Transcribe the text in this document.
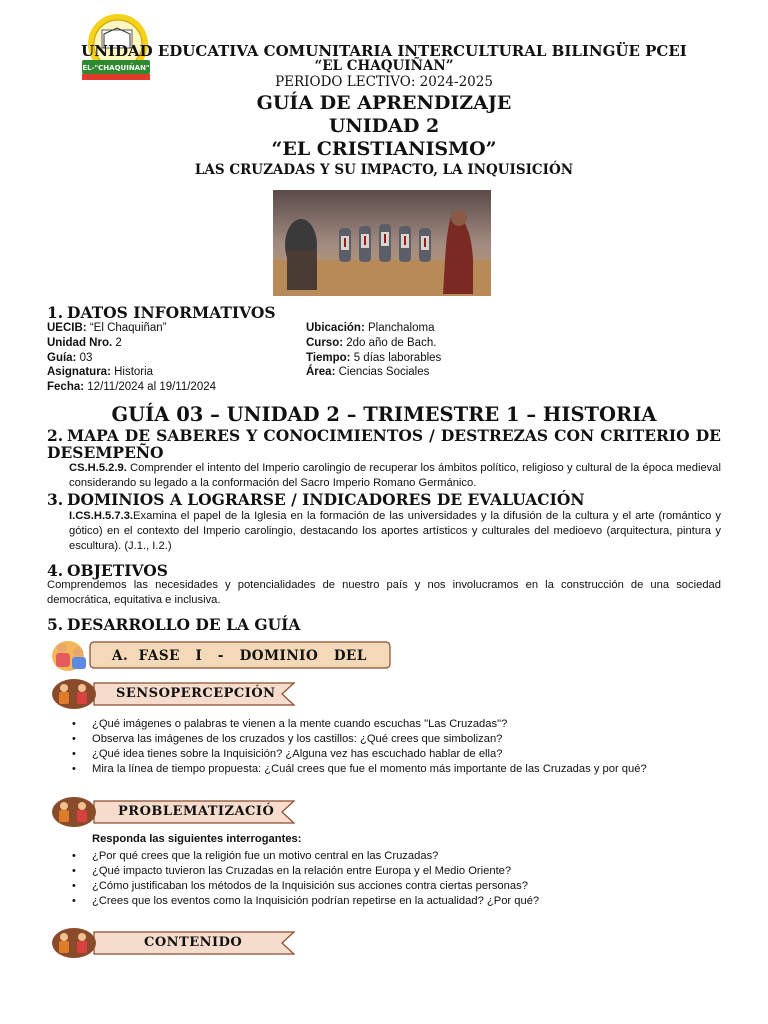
EL-"CHAQUIÑAN"
UNIDAD EDUCATIVA COMUNITARIA INTERCULTURAL BILINGÜE PCEI
“EL CHAQUIÑAN”
PERIODO LECTIVO: 2024-2025
GUÍA DE APRENDIZAJE
UNIDAD 2
“EL CRISTIANISMO”
LAS CRUZADAS Y SU IMPACTO, LA INQUISICIÓN
1. DATOS INFORMATIVOS
UECIB: “El Chaquiñan”
Unidad Nro. 2
Guía: 03
Asignatura: Historia
Fecha: 12/11/2024 al 19/11/2024
Ubicación: Planchaloma
Curso: 2do año de Bach.
Tiempo: 5 días laborables
Área: Ciencias Sociales
GUÍA 03 – UNIDAD 2 – TRIMESTRE 1 – HISTORIA
2. MAPA DE SABERES Y CONOCIMIENTOS / DESTREZAS CON CRITERIO DE DESEMPEÑO
CS.H.5.2.9. Comprender el intento del Imperio carolingio de recuperar los ámbitos político, religioso y cultural de la época medieval considerando su legado a la conformación del Sacro Imperio Romano Germánico.
3. DOMINIOS A LOGRARSE / INDICADORES DE EVALUACIÓN
I.CS.H.5.7.3.Examina el papel de la Iglesia en la formación de las universidades y la difusión de la cultura y el arte (romántico y gótico) en el contexto del Imperio carolingio, destacando los aportes artísticos y culturales del medioevo (arquitectura, pintura y escultura). (J.1., I.2.)
4. OBJETIVOS
Comprendemos las necesidades y potencialidades de nuestro país y nos involucramos en la construcción de una sociedad democrática, equitativa e inclusiva.
5. DESARROLLO DE LA GUÍA
A.  FASE   I   -   DOMINIO   DEL
SENSOPERCEPCIÓN
• ¿Qué imágenes o palabras te vienen a la mente cuando escuchas "Las Cruzadas"?
• Observa las imágenes de los cruzados y los castillos: ¿Qué crees que simbolizan?
• ¿Qué idea tienes sobre la Inquisición? ¿Alguna vez has escuchado hablar de ella?
• Mira la línea de tiempo propuesta: ¿Cuál crees que fue el momento más importante de las Cruzadas y por qué?
PROBLEMATIZACIÓ
Responda las siguientes interrogantes:
• ¿Por qué crees que la religión fue un motivo central en las Cruzadas?
• ¿Qué impacto tuvieron las Cruzadas en la relación entre Europa y el Medio Oriente?
• ¿Cómo justificaban los métodos de la Inquisición sus acciones contra ciertas personas?
• ¿Crees que los eventos como la Inquisición podrían repetirse en la actualidad? ¿Por qué?
CONTENIDO
